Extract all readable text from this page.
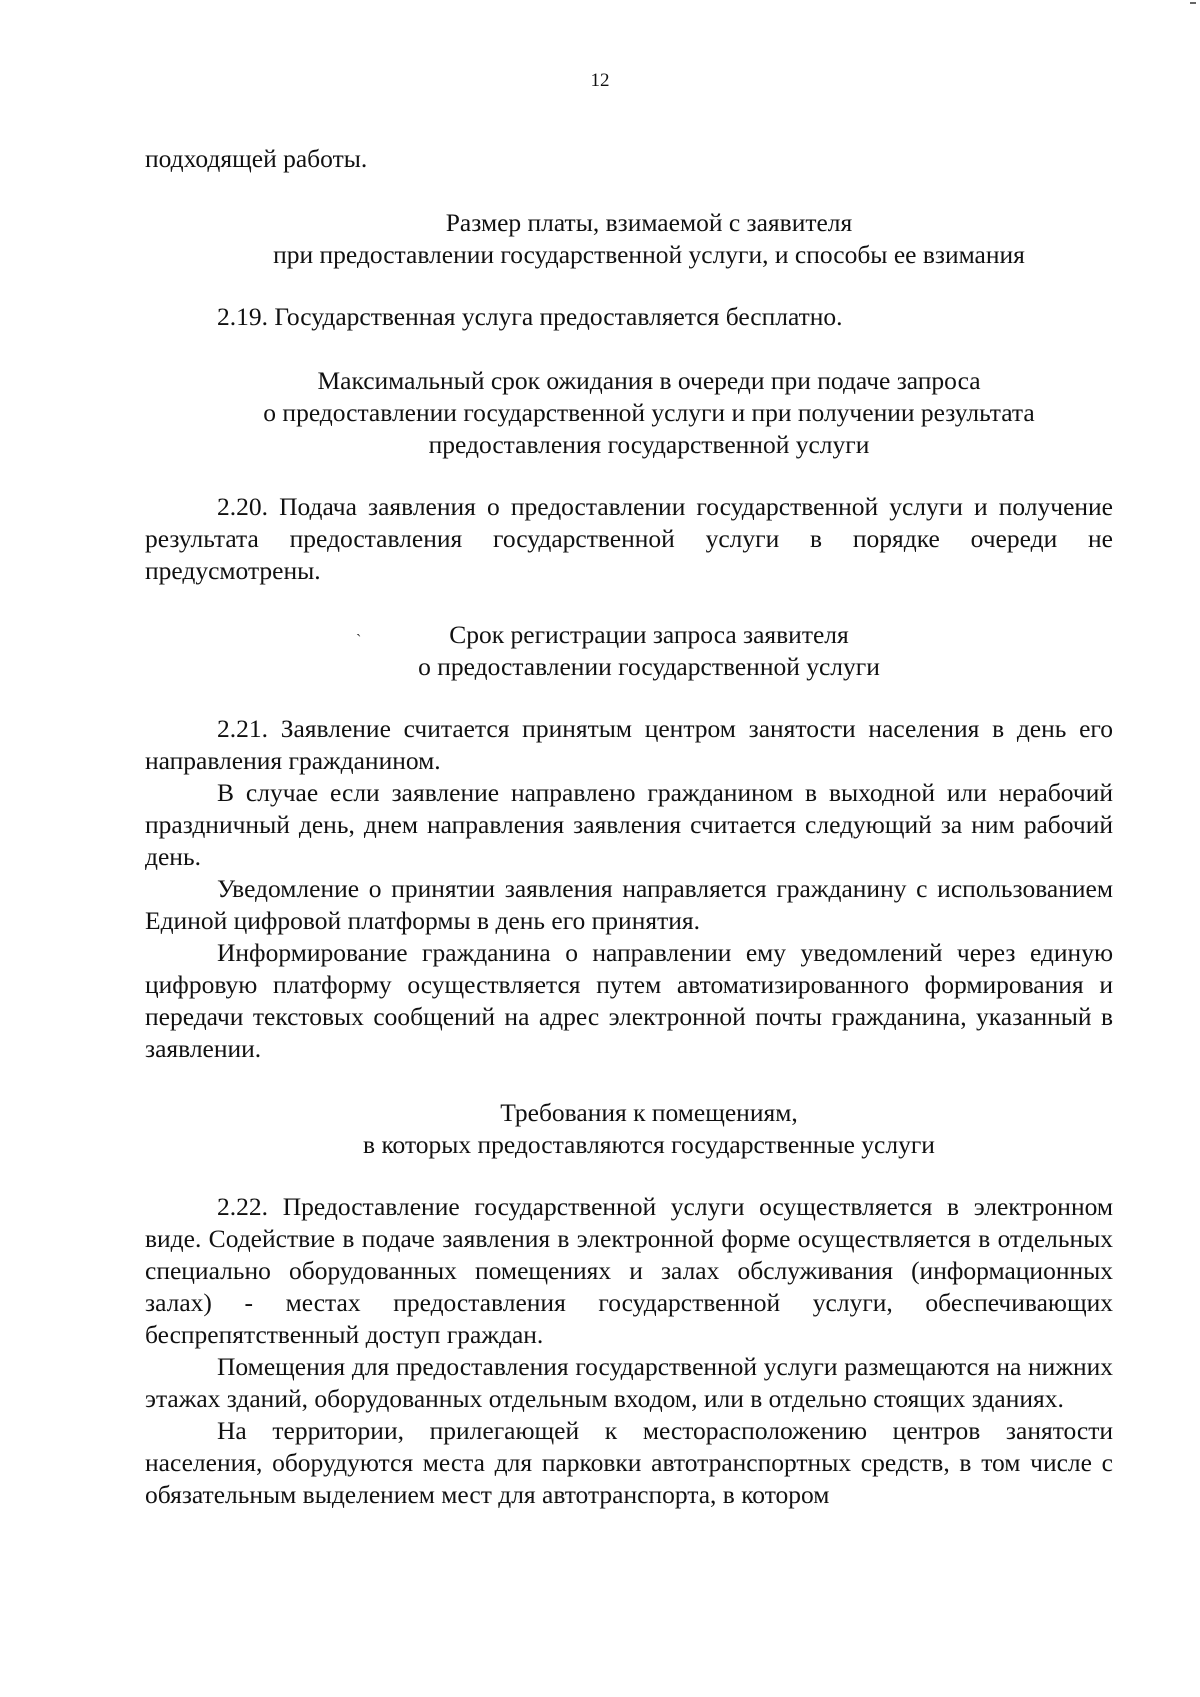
12
`

подходящей работы.

Размер платы, взимаемой с заявителя
при предоставлении государственной услуги, и способы ее взимания

2.19. Государственная услуга предоставляется бесплатно.

Максимальный срок ожидания в очереди при подаче запроса
о предоставлении государственной услуги и при получении результата
предоставления государственной услуги

2.20. Подача заявления о предоставлении государственной услуги и получение результата предоставления государственной услуги в порядке очереди не предусмотрены.

Срок регистрации запроса заявителя
о предоставлении государственной услуги

2.21. Заявление считается принятым центром занятости населения в день его направления гражданином.

В случае если заявление направлено гражданином в выходной или нерабочий праздничный день, днем направления заявления считается следующий за ним рабочий день.

Уведомление о принятии заявления направляется гражданину с использованием Единой цифровой платформы в день его принятия.

Информирование гражданина о направлении ему уведомлений через единую цифровую платформу осуществляется путем автоматизированного формирования и передачи текстовых сообщений на адрес электронной почты гражданина, указанный в заявлении.

Требования к помещениям,
в которых предоставляются государственные услуги

2.22. Предоставление государственной услуги осуществляется в электронном виде. Содействие в подаче заявления в электронной форме осуществляется в отдельных специально оборудованных помещениях и залах обслуживания (информационных залах) - местах предоставления государственной услуги, обеспечивающих беспрепятственный доступ граждан.

Помещения для предоставления государственной услуги размещаются на нижних этажах зданий, оборудованных отдельным входом, или в отдельно стоящих зданиях.

На территории, прилегающей к месторасположению центров занятости населения, оборудуются места для парковки автотранспортных средств, в том числе с обязательным выделением мест для автотранспорта, в котором
